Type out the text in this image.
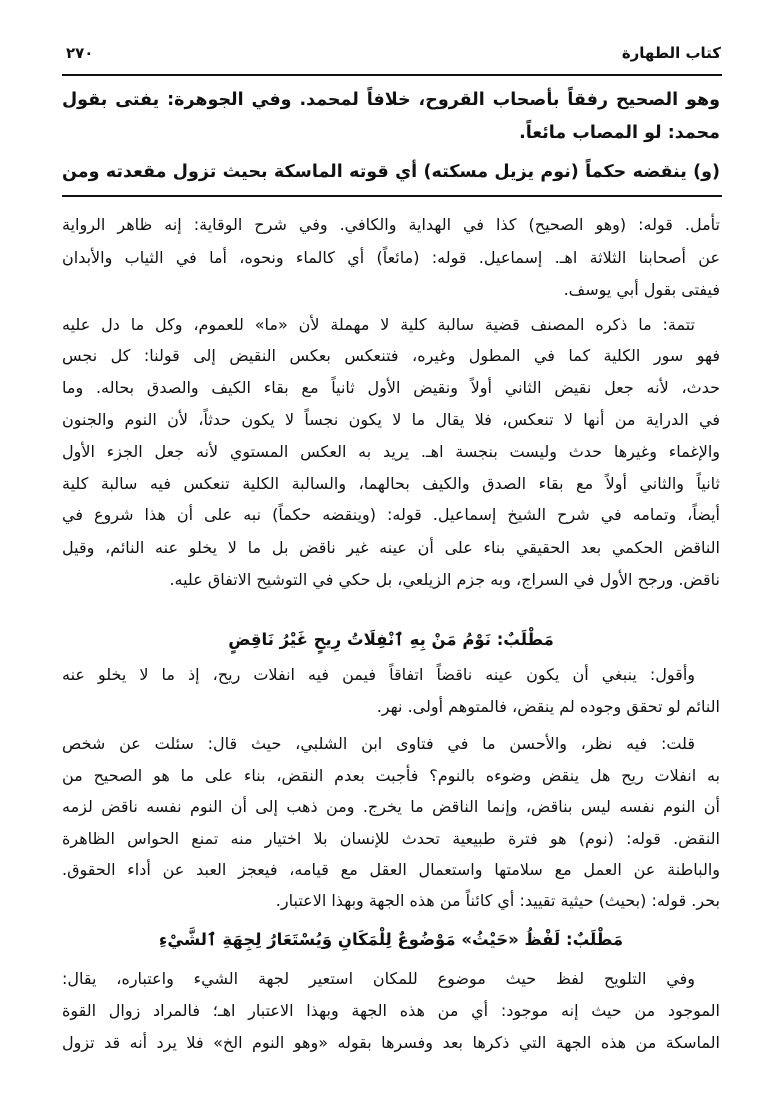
٢٧٠	كتاب الطهارة
وهو الصحيح رفقاً بأصحاب القروح، خلافاً لمحمد. وفي الجوهرة: يفتى بقول
محمد: لو المصاب مائعاً.
(و) ينقضه حكماً (نوم يزيل مسكته) أي قوته الماسكة بحيث تزول مقعدته ومن
تأمل. قوله: (وهو الصحيح) كذا في الهداية والكافي. وفي شرح الوقاية: إنه ظاهر الرواية
عن أصحابنا الثلاثة اهـ. إسماعيل. قوله: (مائعاً) أي كالماء ونحوه، أما في الثياب والأبدان
فيفتى بقول أبي يوسف.
تتمة: ما ذكره المصنف قضية سالبة كلية لا مهملة لأن «ما» للعموم، وكل ما دل عليه
فهو سور الكلية كما في المطول وغيره، فتنعكس بعكس النقيض إلى قولنا: كل نجس
حدث، لأنه جعل نقيض الثاني أولاً ونقيض الأول ثانياً مع بقاء الكيف والصدق بحاله. وما
في الدراية من أنها لا تنعكس، فلا يقال ما لا يكون نجساً لا يكون حدثاً، لأن النوم والجنون
والإغماء وغيرها حدث وليست بنجسة اهـ. يريد به العكس المستوي لأنه جعل الجزء الأول
ثانياً والثاني أولاً مع بقاء الصدق والكيف بحالهما، والسالبة الكلية تنعكس فيه سالبة كلية
أيضاً، وتمامه في شرح الشيخ إسماعيل. قوله: (وينقضه حكماً) نبه على أن هذا شروع في
الناقض الحكمي بعد الحقيقي بناء على أن عينه غير ناقض بل ما لا يخلو عنه النائم، وقيل
ناقض. ورجح الأول في السراج، وبه جزم الزيلعي، بل حكي في التوشيح الاتفاق عليه.
مَطْلَبٌ: نَوْمُ مَنْ بِهِ ٱنْفِلَاتُ رِيحٍ غَيْرُ نَاقِضٍ
وأقول: ينبغي أن يكون عينه ناقضاً اتفاقاً فيمن فيه انفلات ريح، إذ ما لا يخلو عنه
النائم لو تحقق وجوده لم ينقض، فالمتوهم أولى. نهر.
قلت: فيه نظر، والأحسن ما في فتاوى ابن الشلبي، حيث قال: سئلت عن شخص
به انفلات ريح هل ينقض وضوءه بالنوم؟ فأجبت بعدم النقض، بناء على ما هو الصحيح من
أن النوم نفسه ليس بناقض، وإنما الناقض ما يخرج. ومن ذهب إلى أن النوم نفسه ناقض لزمه
النقض. قوله: (نوم) هو فترة طبيعية تحدث للإنسان بلا اختيار منه تمنع الحواس الظاهرة
والباطنة عن العمل مع سلامتها واستعمال العقل مع قيامه، فيعجز العبد عن أداء الحقوق.
بحر. قوله: (بحيث) حيثية تقييد: أي كائناً من هذه الجهة وبهذا الاعتبار.
مَطْلَبٌ: لَفْظُ «حَيْثُ» مَوْضُوعٌ لِلْمَكَانِ وَيُسْتَعَارُ لِجِهَةِ ٱلشَّيْءِ
وفي التلويح لفظ حيث موضوع للمكان استعير لجهة الشيء واعتباره، يقال:
الموجود من حيث إنه موجود: أي من هذه الجهة وبهذا الاعتبار اهـ؛ فالمراد زوال القوة
الماسكة من هذه الجهة التي ذكرها بعد وفسرها بقوله «وهو النوم الخ» فلا يرد أنه قد تزول
